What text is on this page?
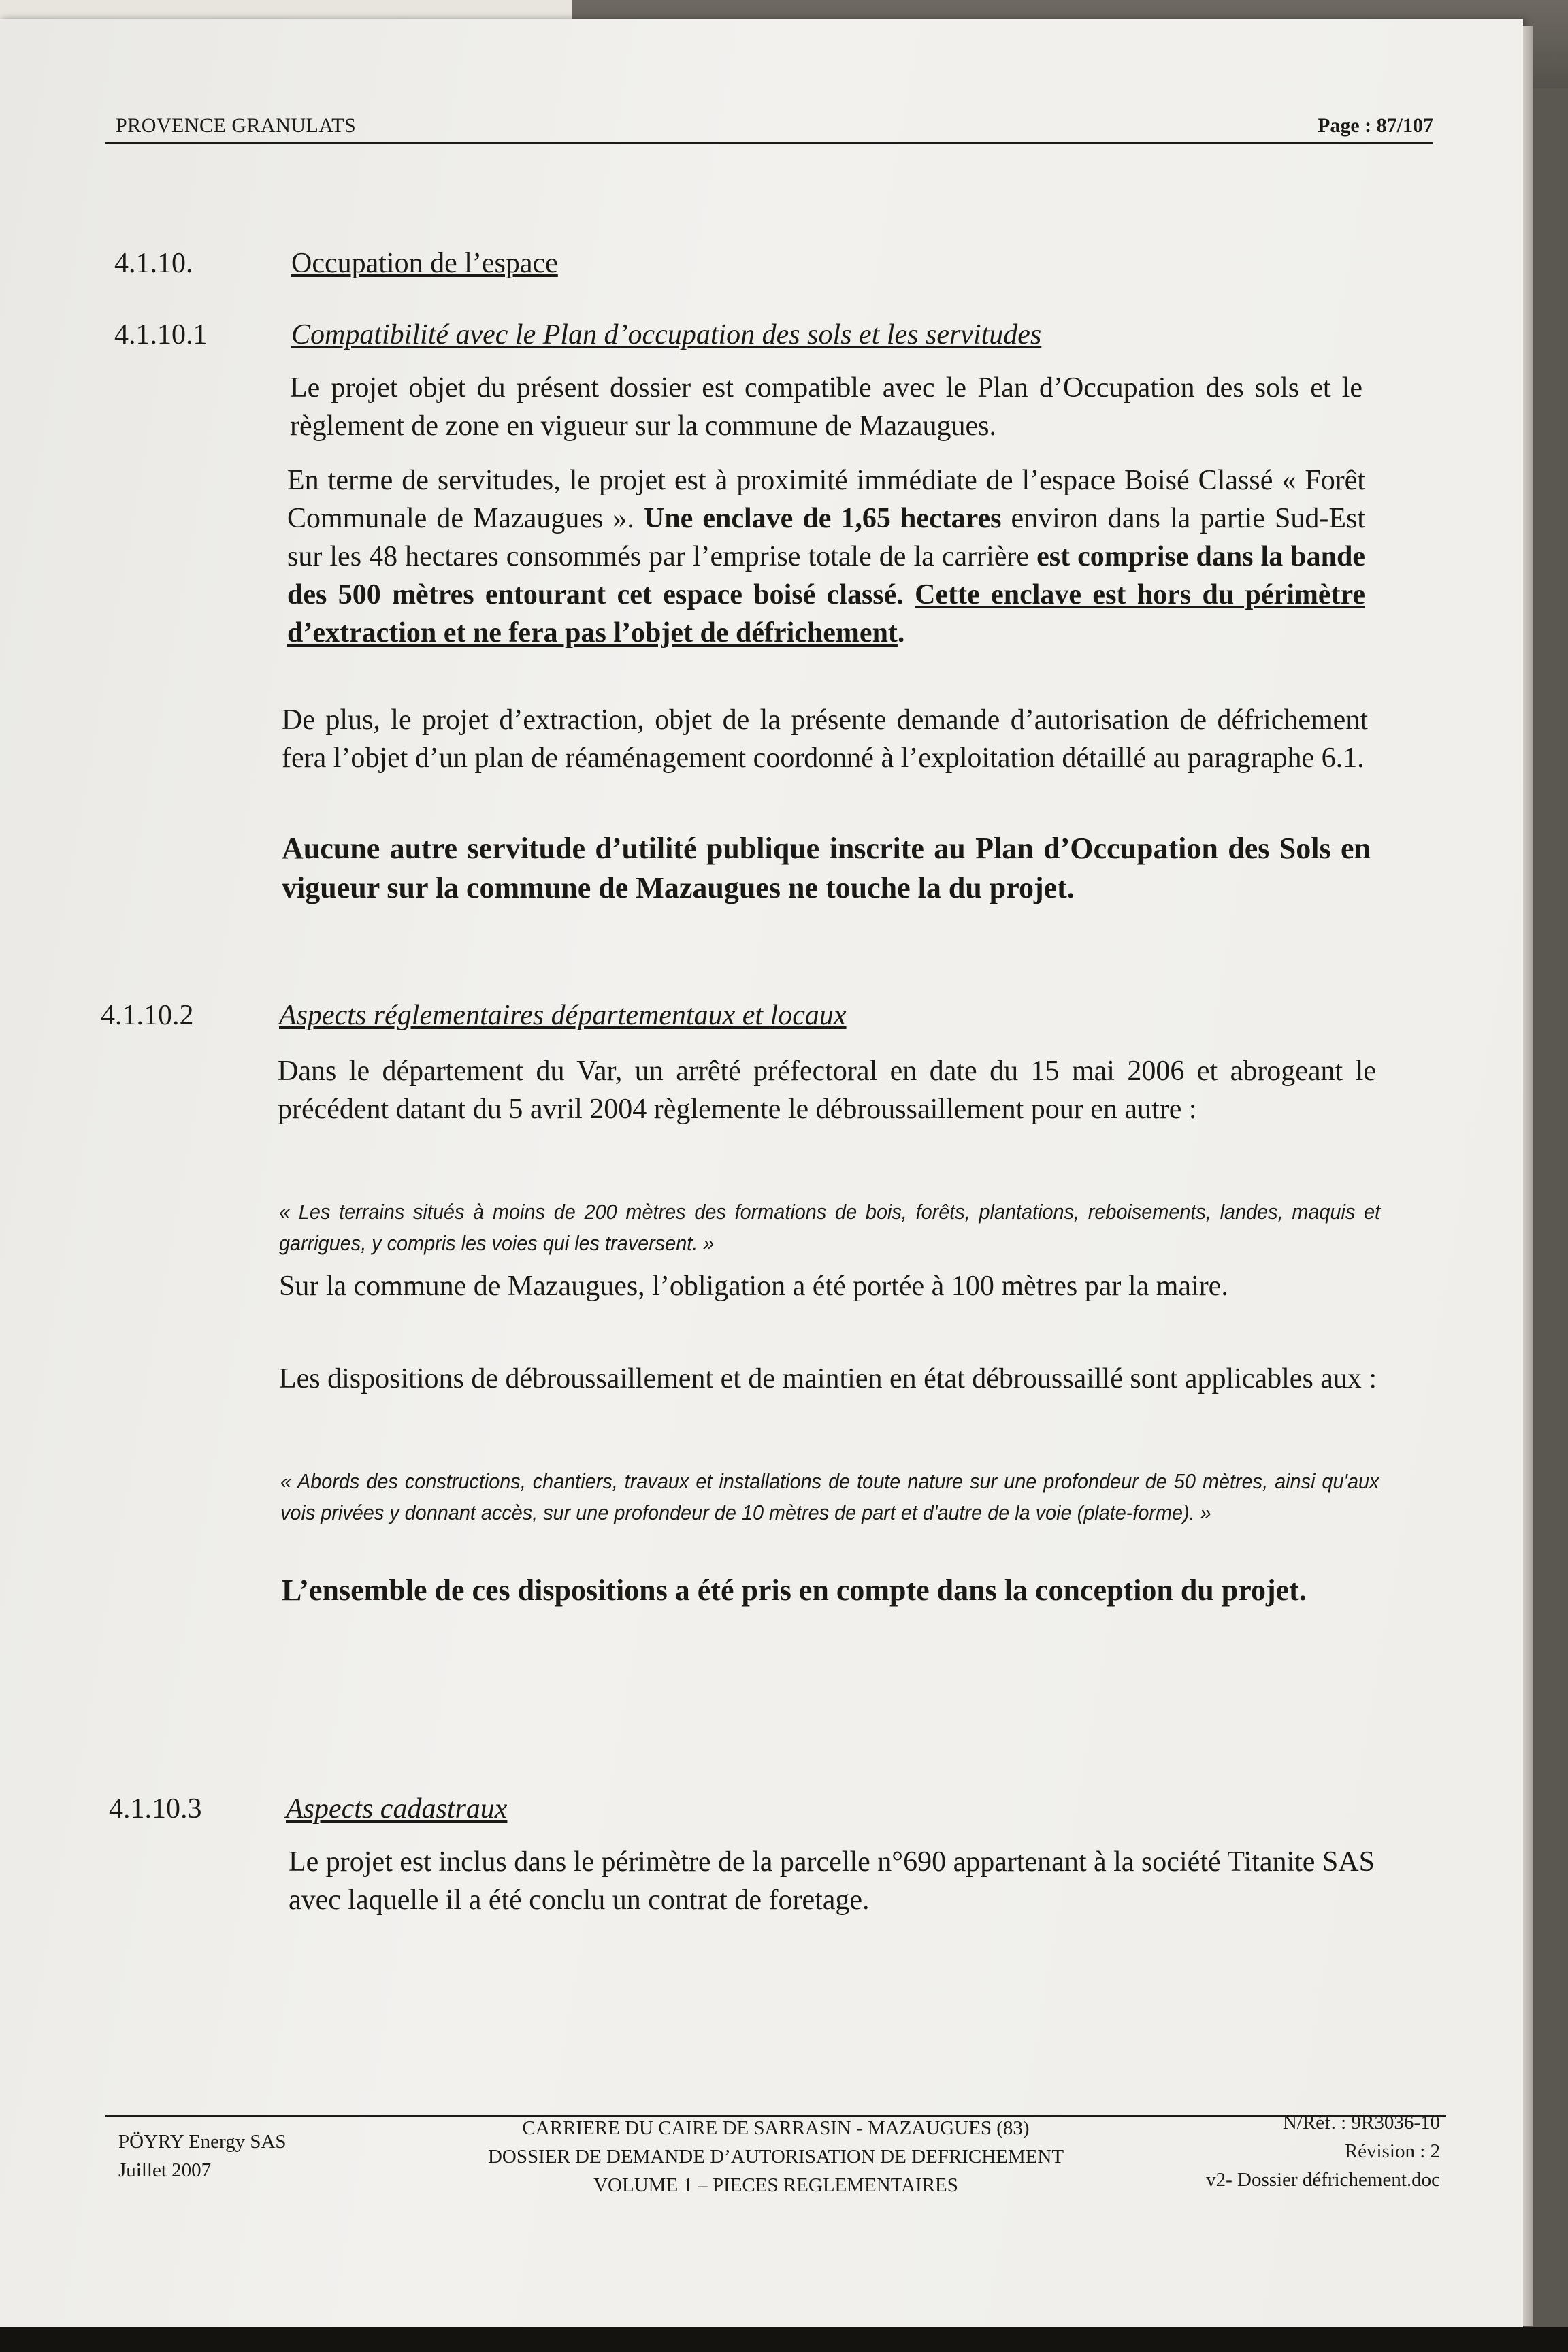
PROVENCE GRANULATS	Page : 87/107
4.1.10.	Occupation de l’espace
4.1.10.1	Compatibilité avec le Plan d’occupation des sols et les servitudes

Le projet objet du présent dossier est compatible avec le Plan d’Occupation des sols et le règlement de zone en vigueur sur la commune de Mazaugues.

En terme de servitudes, le projet est à proximité immédiate de l’espace Boisé Classé « Forêt Communale de Mazaugues ». Une enclave de 1,65 hectares environ dans la partie Sud-Est sur les 48 hectares consommés par l’emprise totale de la carrière est comprise dans la bande des 500 mètres entourant cet espace boisé classé. Cette enclave est hors du périmètre d’extraction et ne fera pas l’objet de défrichement.

De plus, le projet d’extraction, objet de la présente demande d’autorisation de défrichement fera l’objet d’un plan de réaménagement coordonné à l’exploitation détaillé au paragraphe 6.1.

Aucune autre servitude d’utilité publique inscrite au Plan d’Occupation des Sols en vigueur sur la commune de Mazaugues ne touche la du projet.

4.1.10.2	Aspects réglementaires départementaux et locaux

Dans le département du Var, un arrêté préfectoral en date du 15 mai 2006 et abrogeant le précédent datant du 5 avril 2004 règlemente le débroussaillement pour en autre :

« Les terrains situés à moins de 200 mètres des formations de bois, forêts, plantations, reboisements, landes, maquis et garrigues, y compris les voies qui les traversent. »

Sur la commune de Mazaugues, l’obligation a été portée à 100 mètres par la maire.

Les dispositions de débroussaillement et de maintien en état débroussaillé sont applicables aux :

« Abords des constructions, chantiers, travaux et installations de toute nature sur une profondeur de 50 mètres, ainsi qu'aux vois privées y donnant accès, sur une profondeur de 10 mètres de part et d'autre de la voie (plate-forme). »

L’ensemble de ces dispositions a été pris en compte dans la conception du projet.

4.1.10.3	Aspects cadastraux

Le projet est inclus dans le périmètre de la parcelle n°690 appartenant à la société Titanite SAS avec laquelle il a été conclu un contrat de foretage.

PÖYRY Energy SAS
Juillet 2007
CARRIERE DU CAIRE DE SARRASIN - MAZAUGUES (83)
DOSSIER DE DEMANDE D’AUTORISATION DE DEFRICHEMENT
VOLUME 1 – PIECES REGLEMENTAIRES
N/Réf. : 9R3036-10
Révision : 2
v2- Dossier défrichement.doc
